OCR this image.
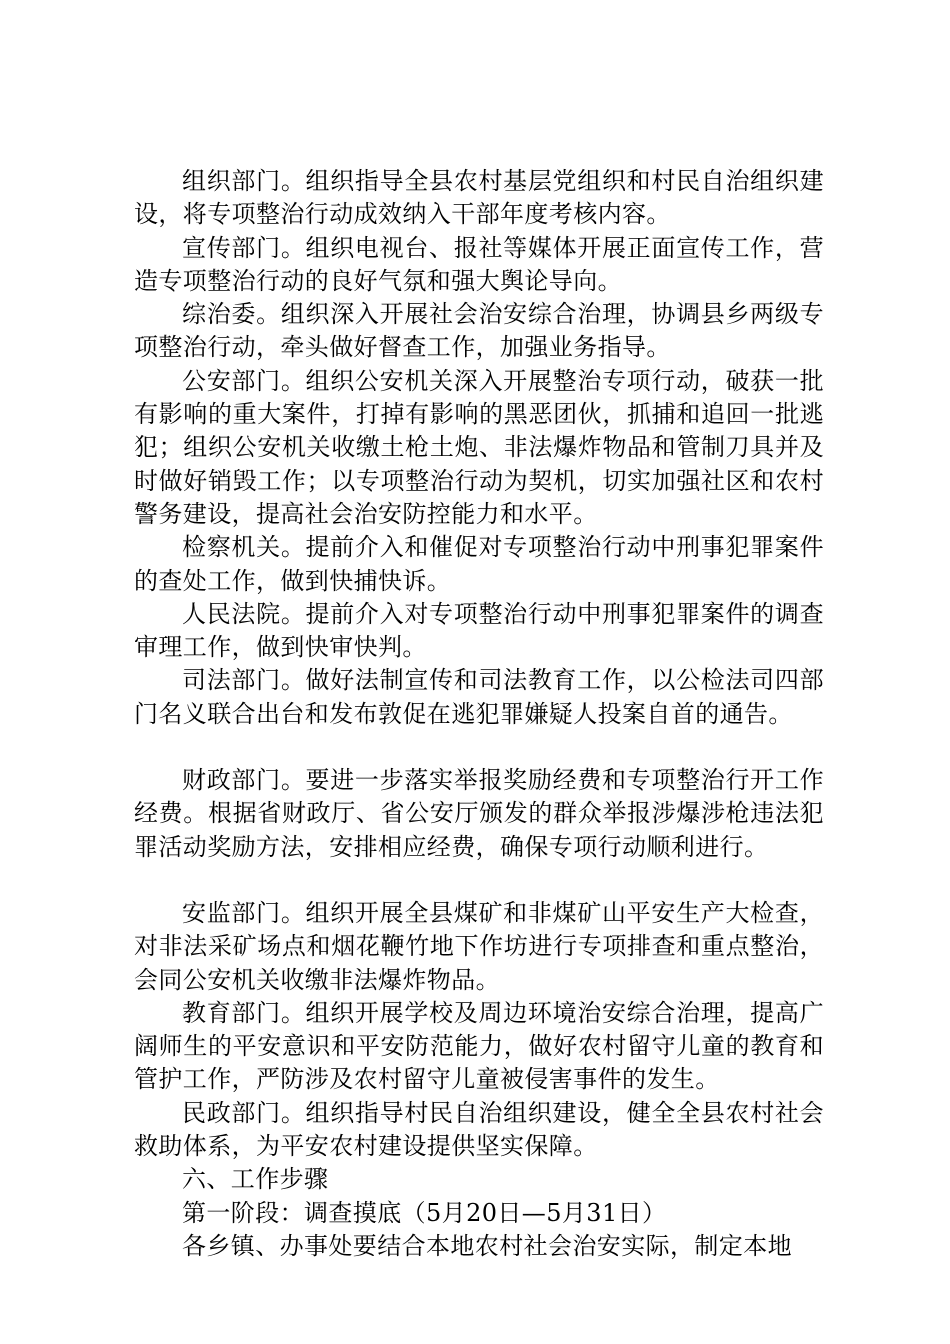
组织部门。组织指导全县农村基层党组织和村民自治组织建设，将专项整治行动成效纳入干部年度考核内容。

宣传部门。组织电视台、报社等媒体开展正面宣传工作，营造专项整治行动的良好气氛和强大舆论导向。

综治委。组织深入开展社会治安综合治理，协调县乡两级专项整治行动，牵头做好督查工作，加强业务指导。

公安部门。组织公安机关深入开展整治专项行动，破获一批有影响的重大案件，打掉有影响的黑恶团伙，抓捕和追回一批逃犯；组织公安机关收缴土枪土炮、非法爆炸物品和管制刀具并及时做好销毁工作；以专项整治行动为契机，切实加强社区和农村警务建设，提高社会治安防控能力和水平。

检察机关。提前介入和催促对专项整治行动中刑事犯罪案件的查处工作，做到快捕快诉。

人民法院。提前介入对专项整治行动中刑事犯罪案件的调查审理工作，做到快审快判。

司法部门。做好法制宣传和司法教育工作，以公检法司四部门名义联合出台和发布敦促在逃犯罪嫌疑人投案自首的通告。

财政部门。要进一步落实举报奖励经费和专项整治行开工作经费。根据省财政厅、省公安厅颁发的群众举报涉爆涉枪违法犯罪活动奖励方法，安排相应经费，确保专项行动顺利进行。

安监部门。组织开展全县煤矿和非煤矿山平安生产大检查，对非法采矿场点和烟花鞭竹地下作坊进行专项排查和重点整治，会同公安机关收缴非法爆炸物品。

教育部门。组织开展学校及周边环境治安综合治理，提高广阔师生的平安意识和平安防范能力，做好农村留守儿童的教育和管护工作，严防涉及农村留守儿童被侵害事件的发生。

民政部门。组织指导村民自治组织建设，健全全县农村社会救助体系，为平安农村建设提供坚实保障。

六、工作步骤

第一阶段：调查摸底（5月20日—5月31日）

各乡镇、办事处要结合本地农村社会治安实际，制定本地
